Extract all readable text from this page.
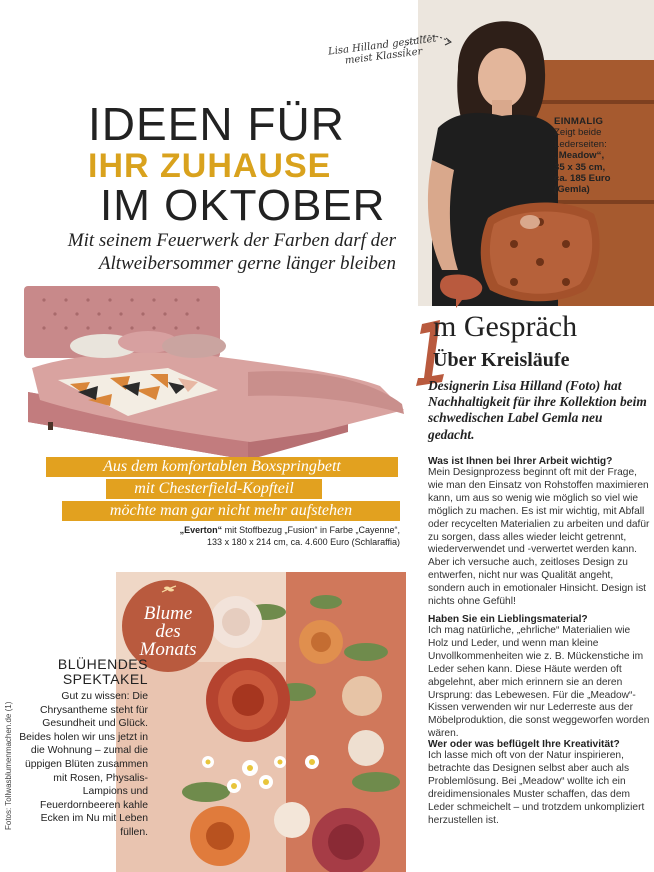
IDEEN FÜR
IHR ZUHAUSE
IM OKTOBER
Mit seinem Feuerwerk der Farben darf der Altweibersommer gerne länger bleiben
Aus dem komfortablen Boxspringbett
mit Chesterfield-Kopfteil
möchte man gar nicht mehr aufstehen
„Everton“ mit Stoffbezug „Fusion“ in Farbe „Cayenne“,
133 x 180 x 214 cm, ca. 4.600 Euro (Schlaraffia)
Blume
des
Monats
BLÜHENDES
SPEKTAKEL
Gut zu wissen: Die Chrysantheme steht für Gesundheit und Glück. Beides holen wir uns jetzt in die Wohnung – zumal die üppigen Blüten zusammen mit Rosen, Physalis-Lampions und Feuerdornbeeren kahle Ecken im Nu mit Leben füllen.
Fotos: Tollwasblumenmachen.de (1)
Lisa Hilland gestaltet meist Klassiker
EINMALIG
Zeigt beide Lederseiten:
„Meadow“,
35 x 35 cm,
ca. 185 Euro
(Gemla)
m Gespräch
Über Kreisläufe
Designerin Lisa Hilland (Foto) hat Nachhaltigkeit für ihre Kollektion beim schwedischen Label Gemla neu gedacht.
Was ist Ihnen bei Ihrer Arbeit wichtig?
Mein Designprozess beginnt oft mit der Frage, wie man den Einsatz von Rohstoffen maximieren kann, um aus so wenig wie möglich so viel wie möglich zu machen. Es ist mir wichtig, mit Abfall oder recycelten Materialien zu arbeiten und dafür zu sorgen, dass alles wieder leicht getrennt, wiederverwendet und -verwertet werden kann. Aber ich versuche auch, zeitloses Design zu entwerfen, nicht nur was Qualität angeht, sondern auch in emotionaler Hinsicht. Design ist nichts ohne Gefühl!
Haben Sie ein Lieblingsmaterial?
Ich mag natürliche, „ehrliche“ Materialien wie Holz und Leder, und wenn man kleine Unvollkommenheiten wie z. B. Mückenstiche im Leder sehen kann. Diese Häute werden oft abgelehnt, aber mich erinnern sie an deren Ursprung: das Lebewesen. Für die „Meadow“-Kissen verwenden wir nur Lederreste aus der Möbelproduktion, die sonst weggeworfen worden wären.
Wer oder was beflügelt Ihre Kreativität?
Ich lasse mich oft von der Natur inspirieren, betrachte das Designen selbst aber auch als Problemlösung. Bei „Meadow“ wollte ich ein dreidimensionales Muster schaffen, das dem Leder schmeichelt – und trotzdem unkompliziert herzustellen ist.
